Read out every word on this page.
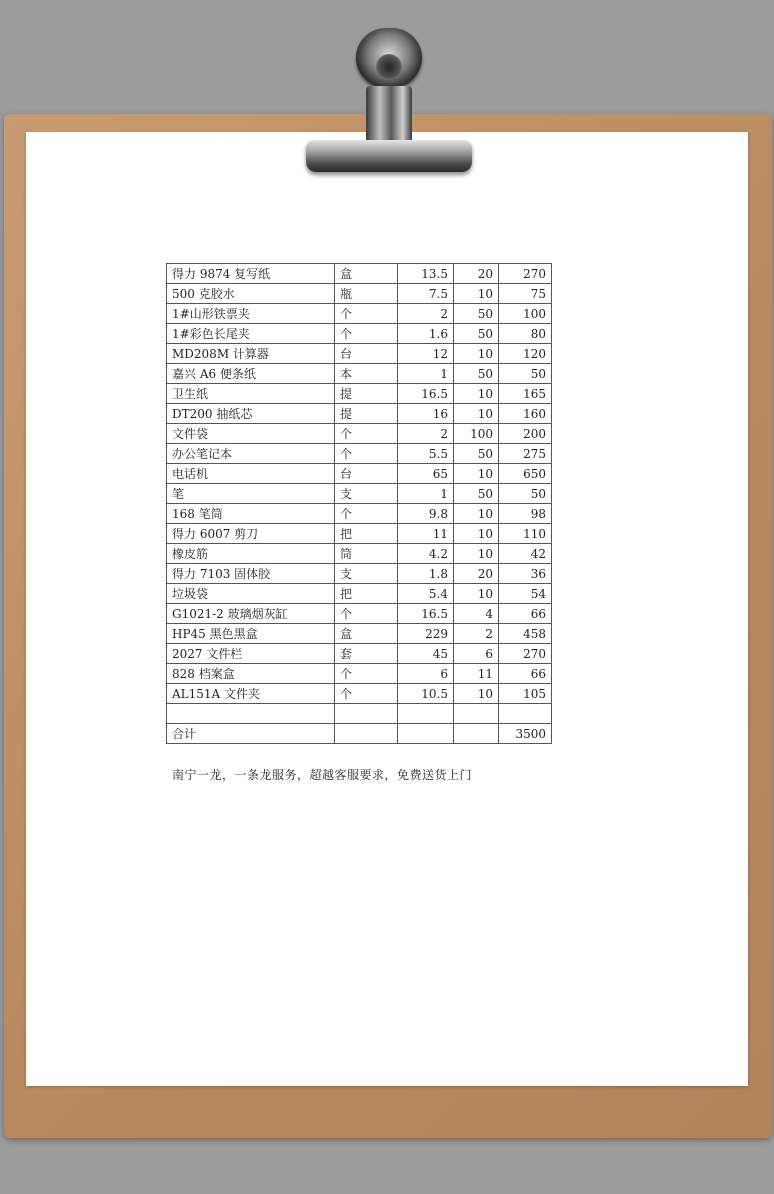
得力 9874 复写纸	盒	13.5	20	270
500 克胶水	瓶	7.5	10	75
1#山形铁票夹	个	2	50	100
1#彩色长尾夹	个	1.6	50	80
MD208M 计算器	台	12	10	120
嘉兴 A6 便条纸	本	1	50	50
卫生纸	提	16.5	10	165
DT200 抽纸芯	提	16	10	160
文件袋	个	2	100	200
办公笔记本	个	5.5	50	275
电话机	台	65	10	650
笔	支	1	50	50
168 笔筒	个	9.8	10	98
得力 6007 剪刀	把	11	10	110
橡皮筋	筒	4.2	10	42
得力 7103 固体胶	支	1.8	20	36
垃圾袋	把	5.4	10	54
G1021-2 玻璃烟灰缸	个	16.5	4	66
HP45 黑色黑盒	盒	229	2	458
2027 文件栏	套	45	6	270
828 档案盒	个	6	11	66
AL151A 文件夹	个	10.5	10	105

合计				3500
南宁一龙，一条龙服务，超越客服要求，免费送货上门
